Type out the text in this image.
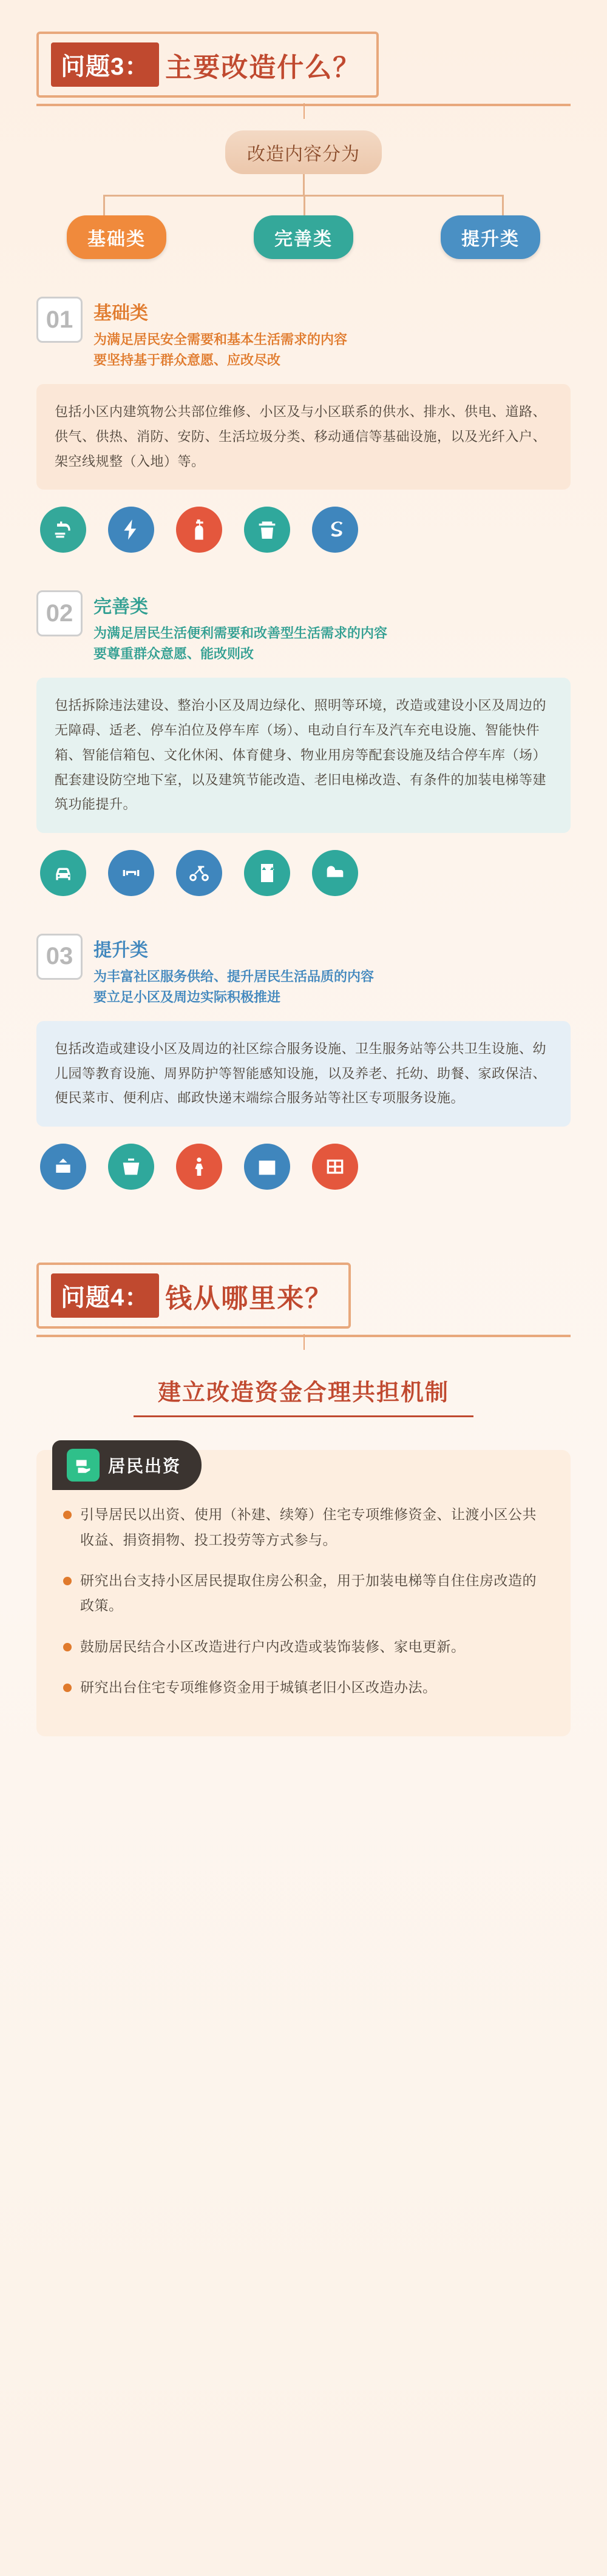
问题3： 主要改造什么？
改造内容分为
基础类	完善类	提升类
01	基础类
为满足居民安全需要和基本生活需求的内容
要坚持基于群众意愿、应改尽改
包括小区内建筑物公共部位维修、小区及与小区联系的供水、排水、供电、道路、供气、供热、消防、安防、生活垃圾分类、移动通信等基础设施，以及光纤入户、架空线规整（入地）等。
02	完善类
为满足居民生活便利需要和改善型生活需求的内容
要尊重群众意愿、能改则改
包括拆除违法建设、整治小区及周边绿化、照明等环境，改造或建设小区及周边的无障碍、适老、停车泊位及停车库（场）、电动自行车及汽车充电设施、智能快件箱、智能信箱包、文化休闲、体育健身、物业用房等配套设施及结合停车库（场）配套建设防空地下室，以及建筑节能改造、老旧电梯改造、有条件的加装电梯等建筑功能提升。
03	提升类
为丰富社区服务供给、提升居民生活品质的内容
要立足小区及周边实际积极推进
包括改造或建设小区及周边的社区综合服务设施、卫生服务站等公共卫生设施、幼儿园等教育设施、周界防护等智能感知设施，以及养老、托幼、助餐、家政保洁、便民菜市、便利店、邮政快递末端综合服务站等社区专项服务设施。
问题4： 钱从哪里来？
建立改造资金合理共担机制
居民出资
引导居民以出资、使用（补建、续筹）住宅专项维修资金、让渡小区公共收益、捐资捐物、投工投劳等方式参与。
研究出台支持小区居民提取住房公积金，用于加装电梯等自住住房改造的政策。
鼓励居民结合小区改造进行户内改造或装饰装修、家电更新。
研究出台住宅专项维修资金用于城镇老旧小区改造办法。
